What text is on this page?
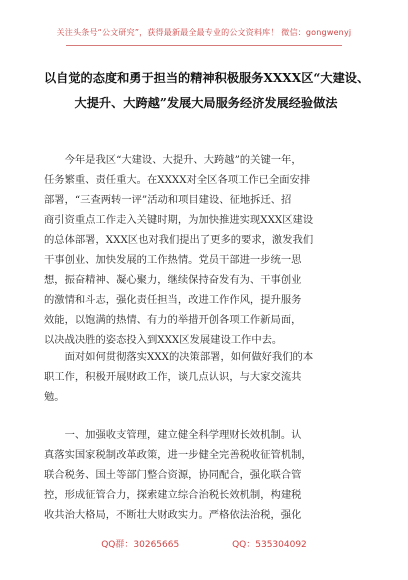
关注头条号“公文研究”，获得最新最全最专业的公文资料库！ 微信：gongwenyj
以自觉的态度和勇于担当的精神积极服务XXXX区“大建设、
大提升、大跨越”发展大局服务经济发展经验做法
　　今年是我区“大建设、大提升、大跨越”的关键一年，
任务繁重、责任重大。在XXXX对全区各项工作已全面安排
部署，“三查两转一评”活动和项目建设、征地拆迁、招
商引资重点工作走入关键时期，为加快推进实现XXX区建设
的总体部署，XXX区也对我们提出了更多的要求，激发我们
干事创业、加快发展的工作热情。党员干部进一步统一思
想，振奋精神、凝心聚力，继续保持奋发有为、干事创业
的激情和斗志，强化责任担当，改进工作作风，提升服务
效能，以饱满的热情、有力的举措开创各项工作新局面，
以决战决胜的姿态投入到XXX区发展建设工作中去。
　　面对如何贯彻落实XXX的决策部署，如何做好我们的本
职工作，积极开展财政工作，谈几点认识，与大家交流共
勉。
　　一、加强收支管理，建立健全科学理财长效机制。认
真落实国家税制改革政策，进一步健全完善税收征管机制，
联合税务、国土等部门整合资源，协同配合，强化联合管
控，形成征管合力，探索建立综合治税长效机制，构建税
收共治大格局，不断壮大财政实力。严格依法治税，强化
QQ群：30265665	QQ：535304092
